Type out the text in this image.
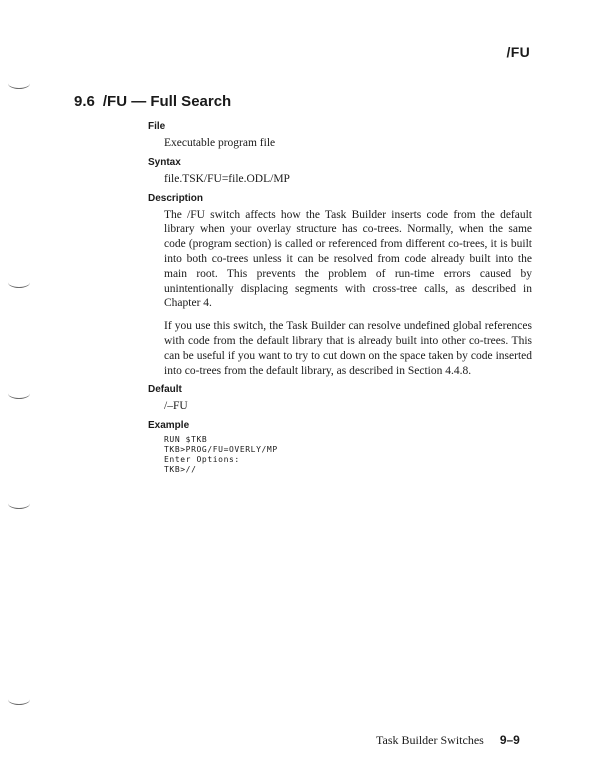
/FU
9.6 /FU — Full Search
File

Executable program file

Syntax

file.TSK/FU=file.ODL/MP

Description

The /FU switch affects how the Task Builder inserts code from the default library when your overlay structure has co-trees. Normally, when the same code (program section) is called or referenced from different co-trees, it is built into both co-trees unless it can be resolved from code already built into the main root. This prevents the problem of run-time errors caused by unintentionally displacing segments with cross-tree calls, as described in Chapter 4.

If you use this switch, the Task Builder can resolve undefined global references with code from the default library that is already built into other co-trees. This can be useful if you want to try to cut down on the space taken by code inserted into co-trees from the default library, as described in Section 4.4.8.

Default

/–FU

Example
RUN $TKB
TKB>PROG/FU=OVERLY/MP
Enter Options:
TKB>//
Task Builder Switches 9–9
